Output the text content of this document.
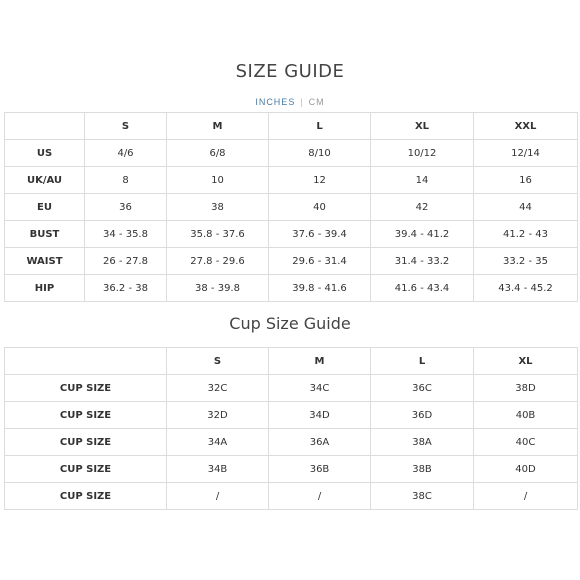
SIZE GUIDE
INCHES | CM
	S	M	L	XL	XXL
US	4/6	6/8	8/10	10/12	12/14
UK/AU	8	10	12	14	16
EU	36	38	40	42	44
BUST	34 - 35.8	35.8 - 37.6	37.6 - 39.4	39.4 - 41.2	41.2 - 43
WAIST	26 - 27.8	27.8 - 29.6	29.6 - 31.4	31.4 - 33.2	33.2 - 35
HIP	36.2 - 38	38 - 39.8	39.8 - 41.6	41.6 - 43.4	43.4 - 45.2
Cup Size Guide
	S	M	L	XL
CUP SIZE	32C	34C	36C	38D
CUP SIZE	32D	34D	36D	40B
CUP SIZE	34A	36A	38A	40C
CUP SIZE	34B	36B	38B	40D
CUP SIZE	/	/	38C	/
